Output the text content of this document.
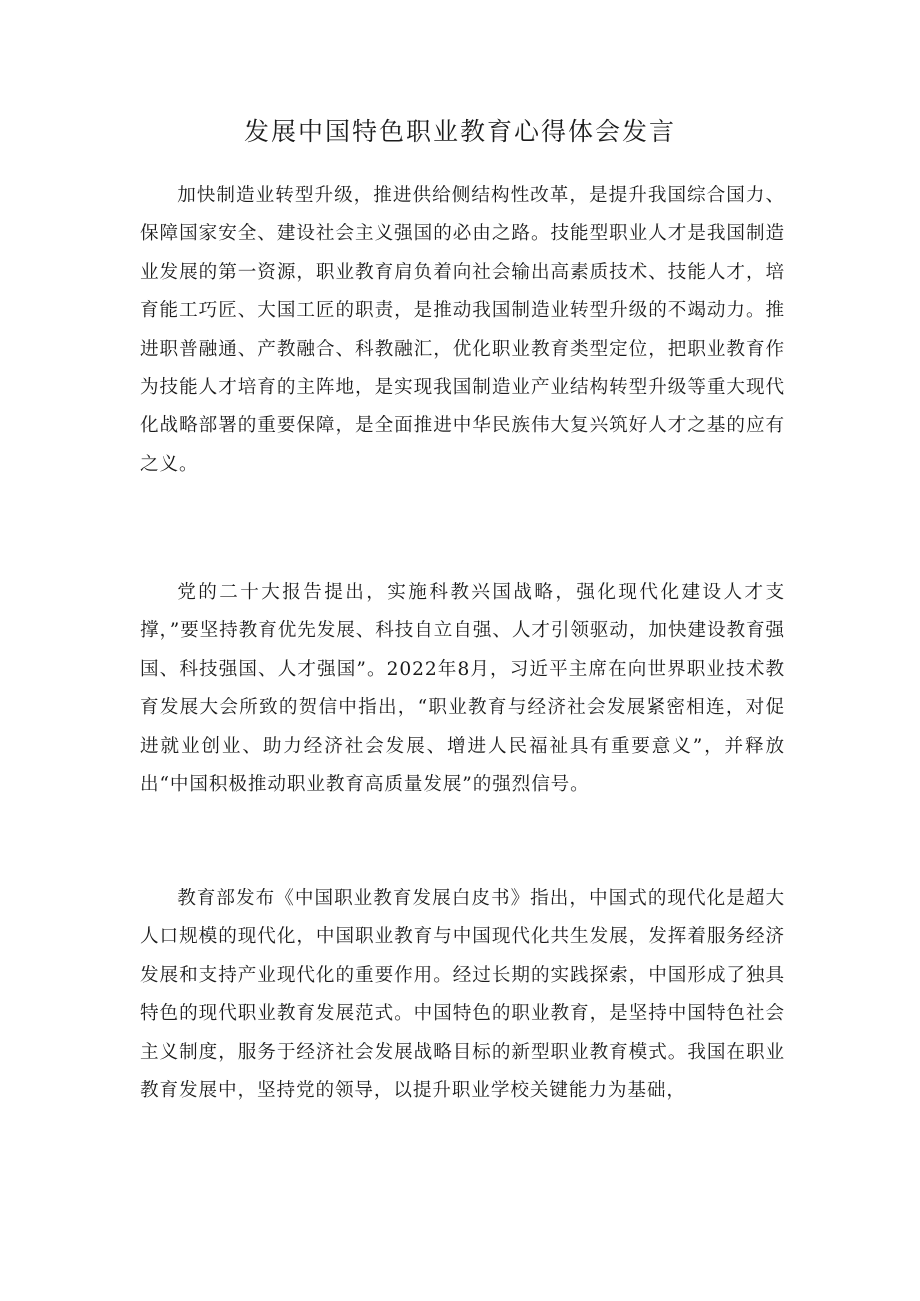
发展中国特色职业教育心得体会发言

加快制造业转型升级，推进供给侧结构性改革，是提升我国综合国力、保障国家安全、建设社会主义强国的必由之路。技能型职业人才是我国制造业发展的第一资源，职业教育肩负着向社会输出高素质技术、技能人才，培育能工巧匠、大国工匠的职责，是推动我国制造业转型升级的不竭动力。推进职普融通、产教融合、科教融汇，优化职业教育类型定位，把职业教育作为技能人才培育的主阵地，是实现我国制造业产业结构转型升级等重大现代化战略部署的重要保障，是全面推进中华民族伟大复兴筑好人才之基的应有之义。

党的二十大报告提出，实施科教兴国战略，强化现代化建设人才支撑，”要坚持教育优先发展、科技自立自强、人才引领驱动，加快建设教育强国、科技强国、人才强国”。2022年8月，习近平主席在向世界职业技术教育发展大会所致的贺信中指出，“职业教育与经济社会发展紧密相连，对促进就业创业、助力经济社会发展、增进人民福祉具有重要意义”，并释放出“中国积极推动职业教育高质量发展”的强烈信号。

教育部发布《中国职业教育发展白皮书》指出，中国式的现代化是超大人口规模的现代化，中国职业教育与中国现代化共生发展，发挥着服务经济发展和支持产业现代化的重要作用。经过长期的实践探索，中国形成了独具特色的现代职业教育发展范式。中国特色的职业教育，是坚持中国特色社会主义制度，服务于经济社会发展战略目标的新型职业教育模式。我国在职业教育发展中，坚持党的领导，以提升职业学校关键能力为基础，
